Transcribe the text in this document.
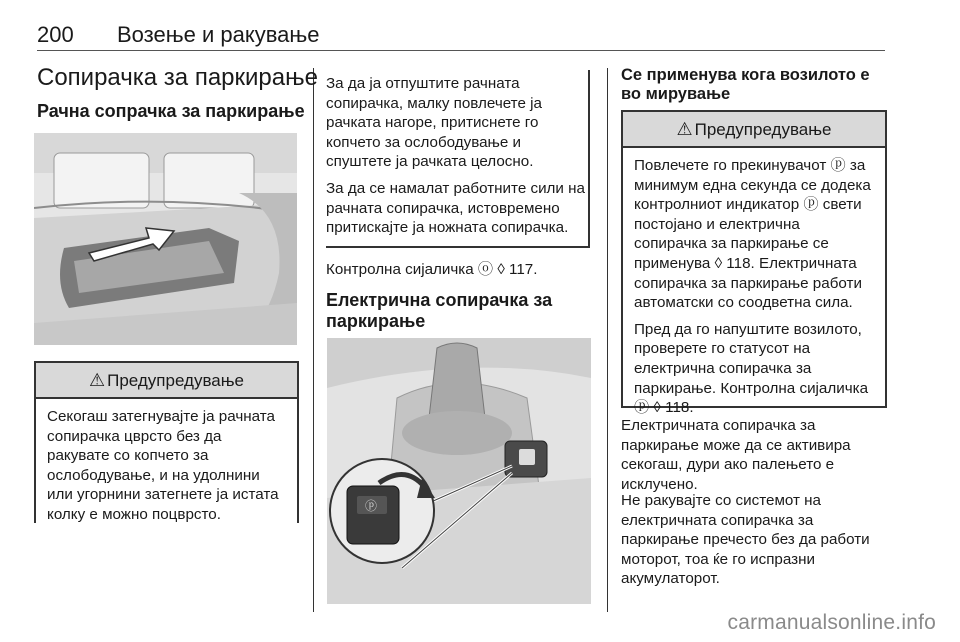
200 Возење и ракување
Сопирачка за паркирање
Рачна сопрачка за паркирање
⚠ Предупредување

Секогаш затегнувајте ја рачната сопирачка цврсто без да ракувате со копчето за ослободување, и на удолнини или угорнини затегнете ја истата колку е можно поцврсто.

За да ја отпуштите рачната сопирачка, малку повлечете ја рачката нагоре, притиснете го копчето за ослободување и спуштете ја рачката целосно.

За да се намалат работните сили на рачната сопирачка, истовремено притискајте ја ножната сопирачка.

Контролна сијаличка ⓞ ◊ 117.

Електрична сопирачка за паркирање
ⓟ
Се применува кога возилото е во мирување
⚠ Предупредување

Повлечете го прекинувачот ⓟ за минимум една секунда се додека контролниот индикатор ⓟ свети постојано и електрична сопирачка за паркирање се применува ◊ 118. Електричната сопирачка за паркирање работи автоматски со соодветна сила.

Пред да го напуштите возилото, проверете го статусот на електрична сопирачка за паркирање. Контролна сијаличка ⓟ ◊ 118.

Електричната сопирачка за паркирање може да се активира секогаш, дури ако палењето е исклучено.

Не ракувајте со системот на електричната сопирачка за паркирање пречесто без да работи моторот, тоа ќе го испразни акумулаторот.

carmanualsonline.info
